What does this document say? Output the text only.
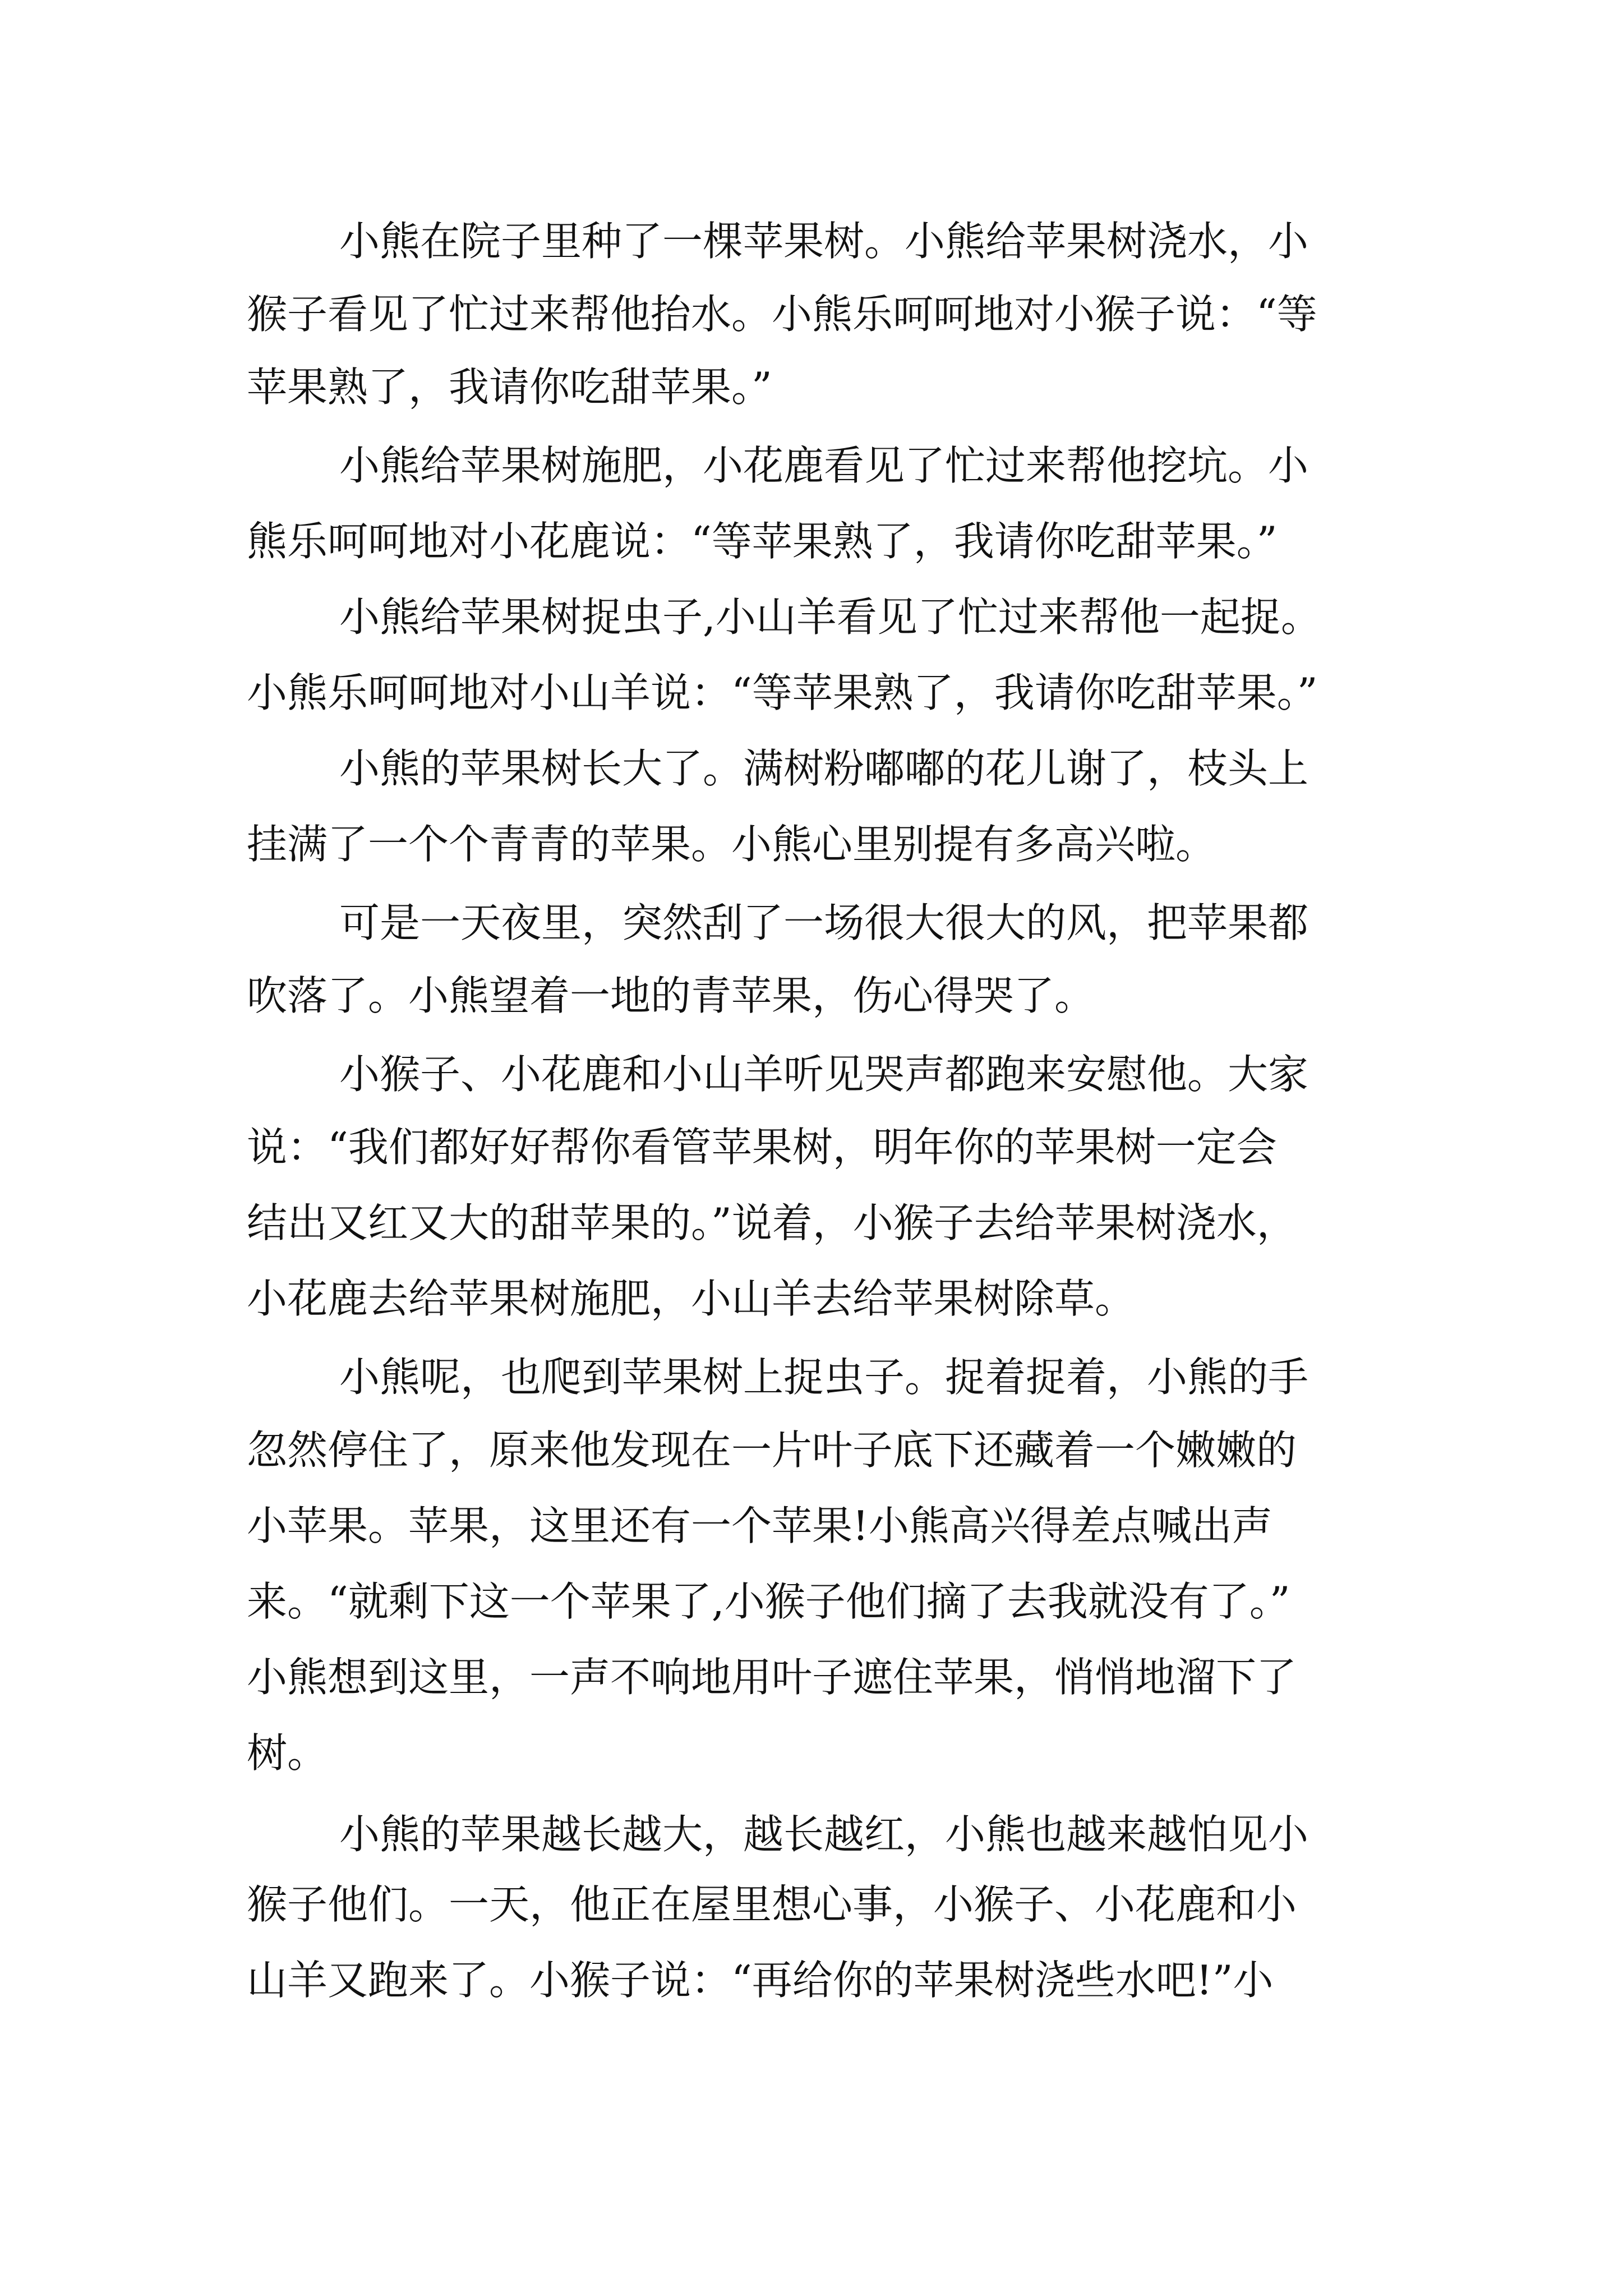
小熊在院子里种了一棵苹果树。小熊给苹果树浇水，小

猴子看见了忙过来帮他抬水。小熊乐呵呵地对小猴子说：“等

苹果熟了，我请你吃甜苹果。”

小熊给苹果树施肥，小花鹿看见了忙过来帮他挖坑。小

熊乐呵呵地对小花鹿说：“等苹果熟了，我请你吃甜苹果。”

小熊给苹果树捉虫子,小山羊看见了忙过来帮他一起捉。

小熊乐呵呵地对小山羊说：“等苹果熟了，我请你吃甜苹果。”

小熊的苹果树长大了。满树粉嘟嘟的花儿谢了，枝头上

挂满了一个个青青的苹果。小熊心里别提有多高兴啦。

可是一天夜里，突然刮了一场很大很大的风，把苹果都

吹落了。小熊望着一地的青苹果，伤心得哭了。

小猴子、小花鹿和小山羊听见哭声都跑来安慰他。大家

说：“我们都好好帮你看管苹果树，明年你的苹果树一定会

结出又红又大的甜苹果的。”说着，小猴子去给苹果树浇水，

小花鹿去给苹果树施肥，小山羊去给苹果树除草。

小熊呢，也爬到苹果树上捉虫子。捉着捉着，小熊的手

忽然停住了，原来他发现在一片叶子底下还藏着一个嫩嫩的

小苹果。苹果，这里还有一个苹果!小熊高兴得差点喊出声

来。“就剩下这一个苹果了,小猴子他们摘了去我就没有了。”

小熊想到这里，一声不响地用叶子遮住苹果，悄悄地溜下了

树。

小熊的苹果越长越大，越长越红，小熊也越来越怕见小

猴子他们。一天，他正在屋里想心事，小猴子、小花鹿和小

山羊又跑来了。小猴子说：“再给你的苹果树浇些水吧!”小
